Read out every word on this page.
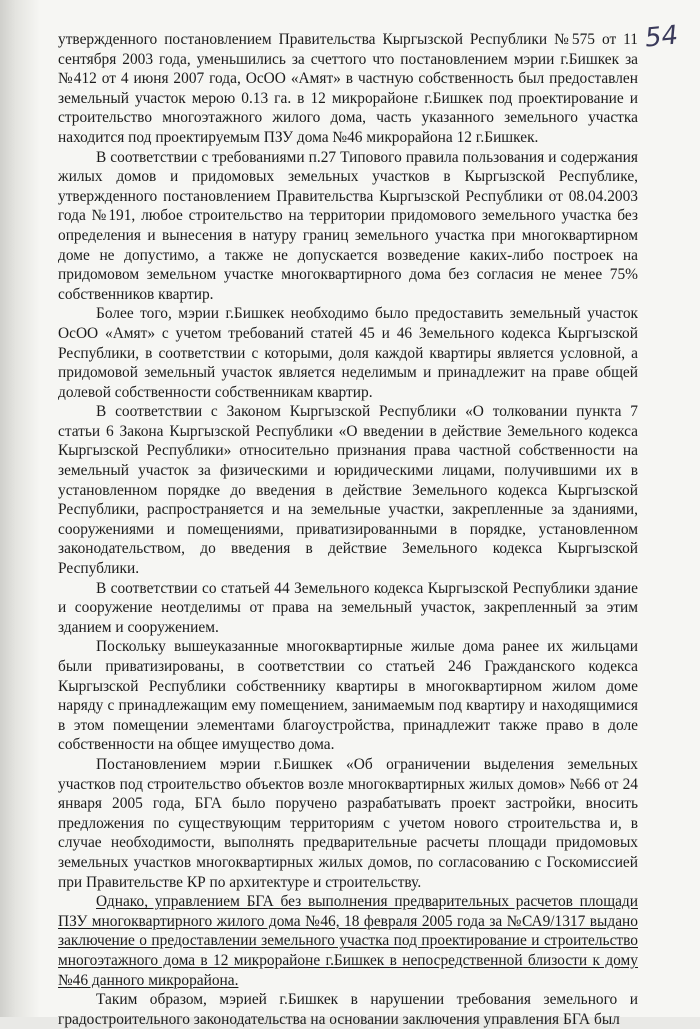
54

утвержденного постановлением Правительства Кыргызской Республики №575 от 11 сентября 2003 года, уменьшились за счеттого что постановлением мэрии г.Бишкек за №412 от 4 июня 2007 года, ОсОО «Амят» в частную собственность был предоставлен земельный участок мерою 0.13 га. в 12 микрорайоне г.Бишкек под проектирование и строительство многоэтажного жилого дома, часть указанного земельного участка находится под проектируемым ПЗУ дома №46 микрорайона 12 г.Бишкек.

В соответствии с требованиями п.27 Типового правила пользования и содержания жилых домов и придомовых земельных участков в Кыргызской Республике, утвержденного постановлением Правительства Кыргызской Республики от 08.04.2003 года №191, любое строительство на территории придомового земельного участка без определения и вынесения в натуру границ земельного участка при многоквартирном доме не допустимо, а также не допускается возведение каких-либо построек на придомовом земельном участке многоквартирного дома без согласия не менее 75% собственников квартир.

Более того, мэрии г.Бишкек необходимо было предоставить земельный участок ОсОО «Амят» с учетом требований статей 45 и 46 Земельного кодекса Кыргызской Республики, в соответствии с которыми, доля каждой квартиры является условной, а придомовой земельный участок является неделимым и принадлежит на праве общей долевой собственности собственникам квартир.

В соответствии с Законом Кыргызской Республики «О толковании пункта 7 статьи 6 Закона Кыргызской Республики «О введении в действие Земельного кодекса Кыргызской Республики» относительно признания права частной собственности на земельный участок за физическими и юридическими лицами, получившими их в установленном порядке до введения в действие Земельного кодекса Кыргызской Республики, распространяется и на земельные участки, закрепленные за зданиями, сооружениями и помещениями, приватизированными в порядке, установленном законодательством, до введения в действие Земельного кодекса Кыргызской Республики.

В соответствии со статьей 44 Земельного кодекса Кыргызской Республики здание и сооружение неотделимы от права на земельный участок, закрепленный за этим зданием и сооружением.

Поскольку вышеуказанные многоквартирные жилые дома ранее их жильцами были приватизированы, в соответствии со статьей 246 Гражданского кодекса Кыргызской Республики собственнику квартиры в многоквартирном жилом доме наряду с принадлежащим ему помещением, занимаемым под квартиру и находящимися в этом помещении элементами благоустройства, принадлежит также право в доле собственности на общее имущество дома.

Постановлением мэрии г.Бишкек «Об ограничении выделения земельных участков под строительство объектов возле многоквартирных жилых домов» №66 от 24 января 2005 года, БГА было поручено разрабатывать проект застройки, вносить предложения по существующим территориям с учетом нового строительства и, в случае необходимости, выполнять предварительные расчеты площади придомовых земельных участков многоквартирных жилых домов, по согласованию с Госкомиссией при Правительстве КР по архитектуре и строительству.

Однако, управлением БГА без выполнения предварительных расчетов площади ПЗУ многоквартирного жилого дома №46, 18 февраля 2005 года за №СА9/1317 выдано заключение о предоставлении земельного участка под проектирование и строительство многоэтажного дома в 12 микрорайоне г.Бишкек в непосредственной близости к дому №46 данного микрорайона.

Таким образом, мэрией г.Бишкек в нарушении требования земельного и градостроительного законодательства на основании заключения управления БГА был
